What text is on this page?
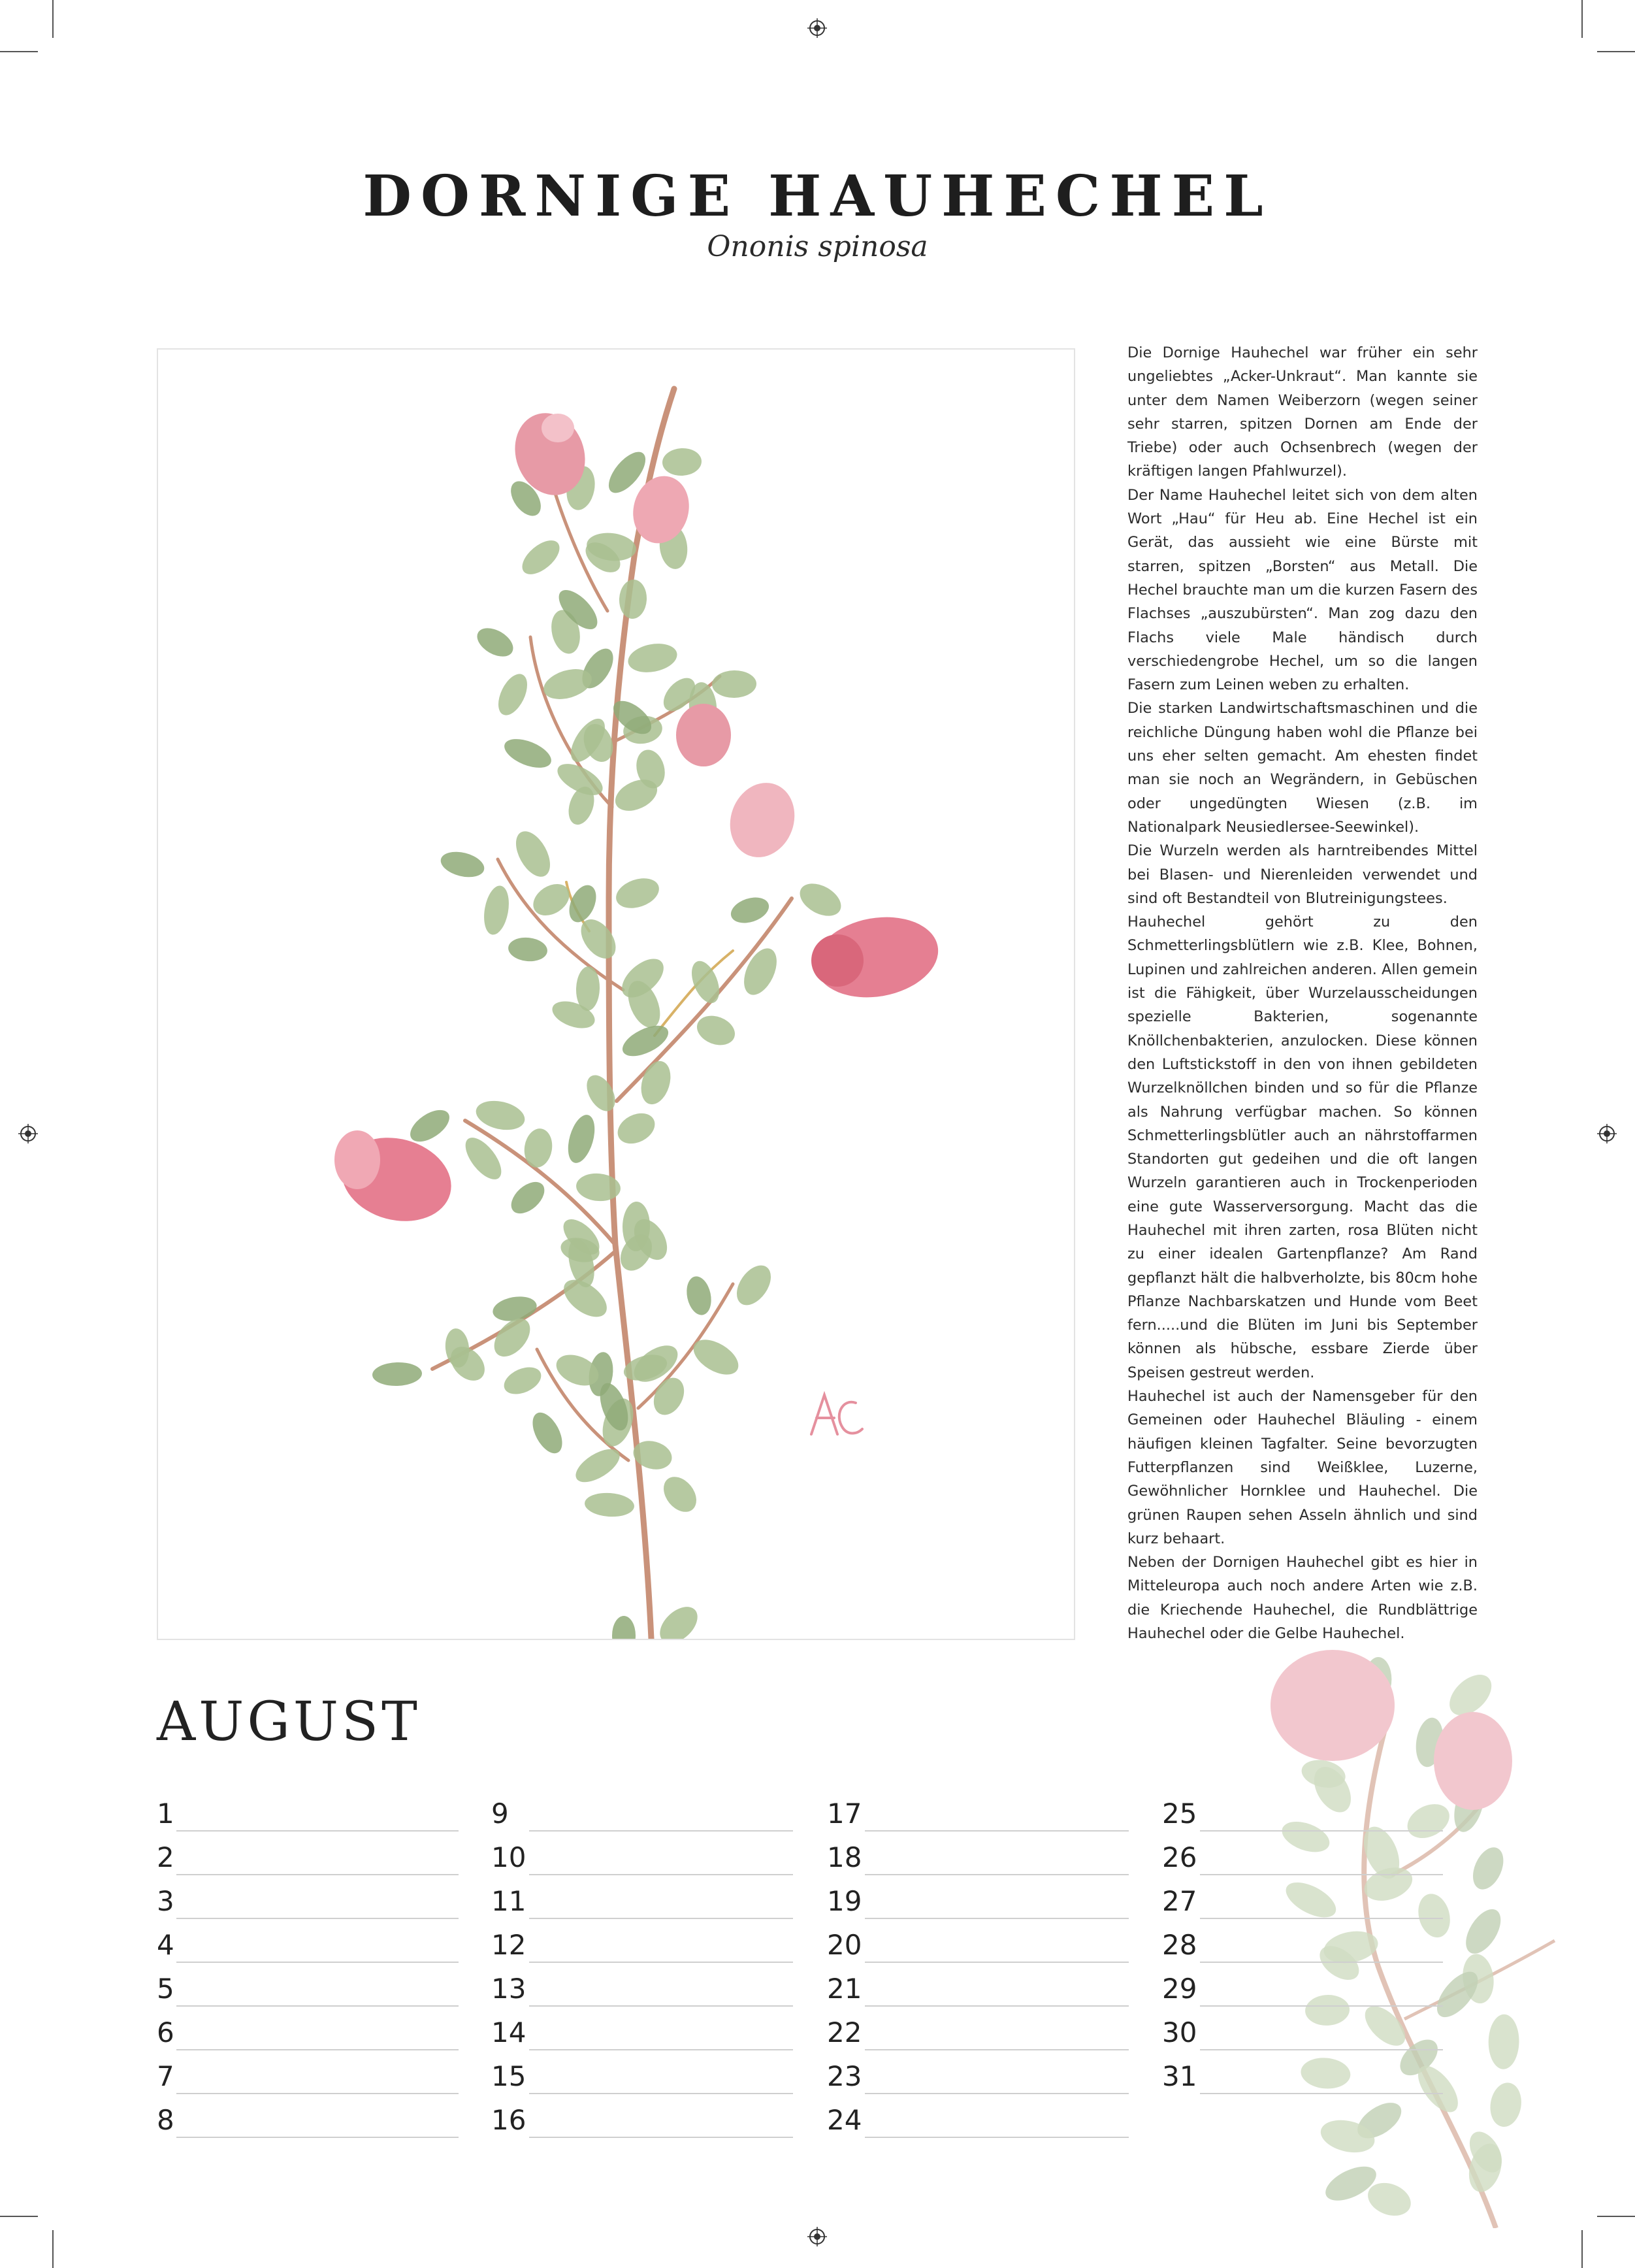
DORNIGE HAUHECHEL
Ononis spinosa

Die Dornige Hauhechel war früher ein sehr ungeliebtes „Acker-Unkraut“. Man kannte sie unter dem Namen Weiberzorn (wegen seiner sehr starren, spitzen Dornen am Ende der Triebe) oder auch Ochsenbrech (wegen der kräftigen langen Pfahlwurzel).

Der Name Hauhechel leitet sich von dem alten Wort „Hau“ für Heu ab. Eine Hechel ist ein Gerät, das aussieht wie eine Bürste mit starren, spitzen „Borsten“ aus Metall. Die Hechel brauchte man um die kurzen Fasern des Flachses „auszubürsten“. Man zog dazu den Flachs viele Male händisch durch verschiedengrobe Hechel, um so die langen Fasern zum Leinen weben zu erhalten.

Die starken Landwirtschaftsmaschinen und die reichliche Düngung haben wohl die Pflanze bei uns eher selten gemacht. Am ehesten findet man sie noch an Wegrändern, in Gebüschen oder ungedüngten Wiesen (z.B. im Nationalpark Neusiedlersee-Seewinkel).

Die Wurzeln werden als harntreibendes Mittel bei Blasen- und Nierenleiden verwendet und sind oft Bestandteil von Blutreinigungstees.

Hauhechel gehört zu den Schmetterlingsblütlern wie z.B. Klee, Bohnen, Lupinen und zahlreichen anderen. Allen gemein ist die Fähigkeit, über Wurzelausscheidungen spezielle Bakterien, sogenannte Knöllchenbakterien, anzulocken. Diese können den Luftstickstoff in den von ihnen gebildeten Wurzelknöllchen binden und so für die Pflanze als Nahrung verfügbar machen. So können Schmetterlingsblütler auch an nährstoffarmen Standorten gut gedeihen und die oft langen Wurzeln garantieren auch in Trockenperioden eine gute Wasserversorgung. Macht das die Hauhechel mit ihren zarten, rosa Blüten nicht zu einer idealen Gartenpflanze? Am Rand gepflanzt hält die halbverholzte, bis 80cm hohe Pflanze Nachbarskatzen und Hunde vom Beet fern.....und die Blüten im Juni bis September können als hübsche, essbare Zierde über Speisen gestreut werden.

Hauhechel ist auch der Namensgeber für den Gemeinen oder Hauhechel Bläuling - einem häufigen kleinen Tagfalter. Seine bevorzugten Futterpflanzen sind Weißklee, Luzerne, Gewöhnlicher Hornklee und Hauhechel. Die grünen Raupen sehen Asseln ähnlich und sind kurz behaart.

Neben der Dornigen Hauhechel gibt es hier in Mitteleuropa auch noch andere Arten wie z.B. die Kriechende Hauhechel, die Rundblättrige Hauhechel oder die Gelbe Hauhechel.

AUGUST
1
2
3
4
5
6
7
8
9
10
11
12
13
14
15
16
17
18
19
20
21
22
23
24
25
26
27
28
29
30
31
